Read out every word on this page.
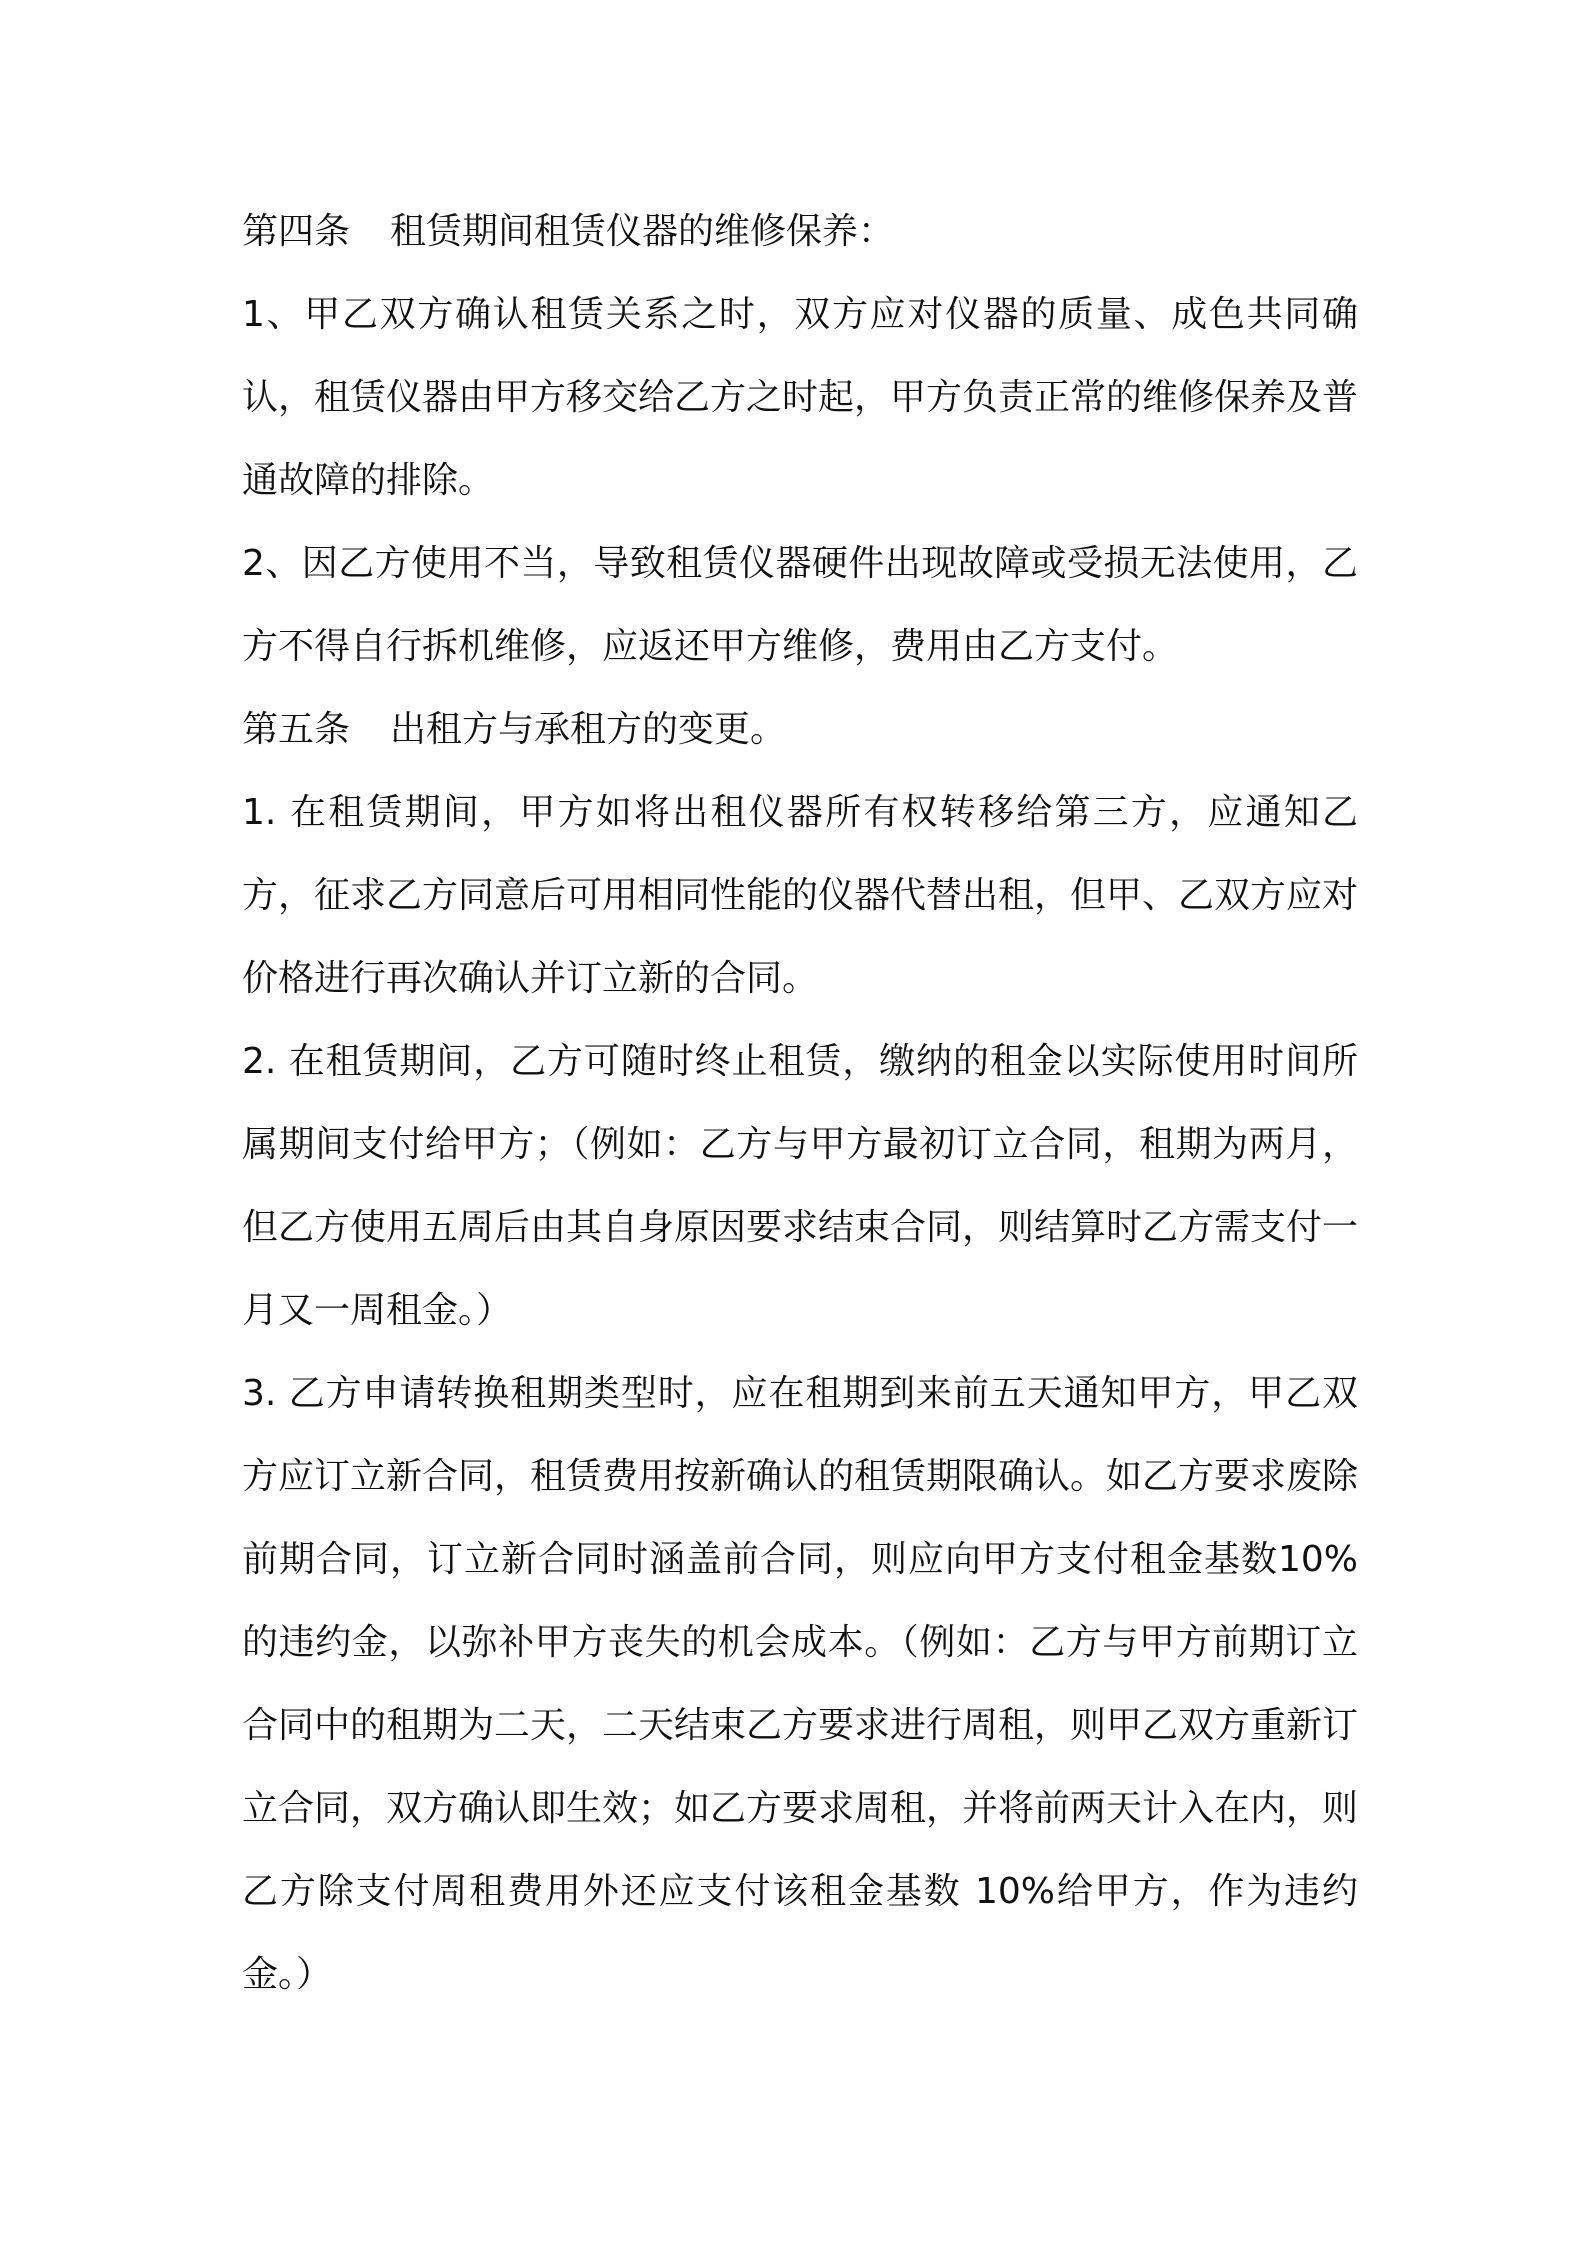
第四条 租赁期间租赁仪器的维修保养：

1、甲乙双方确认租赁关系之时，双方应对仪器的质量、成色共同确认，租赁仪器由甲方移交给乙方之时起，甲方负责正常的维修保养及普通故障的排除。

2、因乙方使用不当，导致租赁仪器硬件出现故障或受损无法使用，乙方不得自行拆机维修，应返还甲方维修，费用由乙方支付。

第五条 出租方与承租方的变更。

1. 在租赁期间，甲方如将出租仪器所有权转移给第三方，应通知乙方，征求乙方同意后可用相同性能的仪器代替出租，但甲、乙双方应对价格进行再次确认并订立新的合同。

2. 在租赁期间，乙方可随时终止租赁，缴纳的租金以实际使用时间所属期间支付给甲方；（例如：乙方与甲方最初订立合同，租期为两月，但乙方使用五周后由其自身原因要求结束合同，则结算时乙方需支付一月又一周租金。）

3. 乙方申请转换租期类型时，应在租期到来前五天通知甲方，甲乙双方应订立新合同，租赁费用按新确认的租赁期限确认。如乙方要求废除前期合同，订立新合同时涵盖前合同，则应向甲方支付租金基数10%的违约金，以弥补甲方丧失的机会成本。（例如：乙方与甲方前期订立合同中的租期为二天，二天结束乙方要求进行周租，则甲乙双方重新订立合同，双方确认即生效；如乙方要求周租，并将前两天计入在内，则乙方除支付周租费用外还应支付该租金基数 10%给甲方，作为违约金。）
